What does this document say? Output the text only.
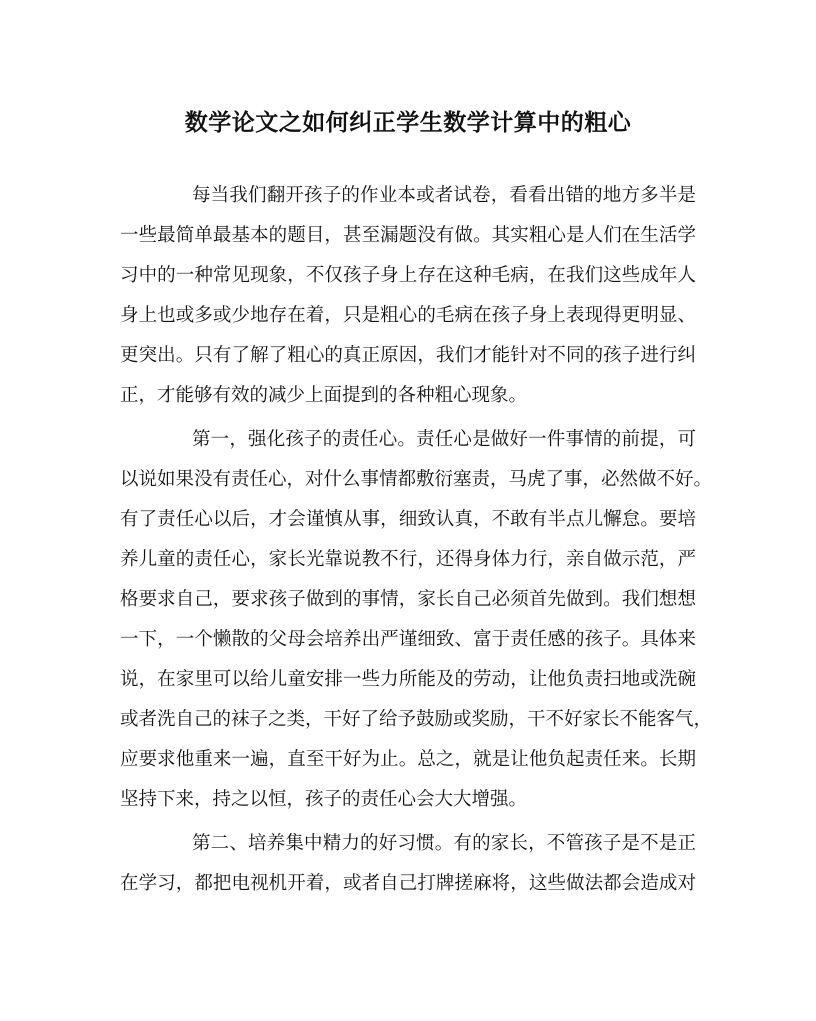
数学论文之如何纠正学生数学计算中的粗心

每当我们翻开孩子的作业本或者试卷，看看出错的地方多半是

一些最简单最基本的题目，甚至漏题没有做。其实粗心是人们在生活学

习中的一种常见现象，不仅孩子身上存在这种毛病，在我们这些成年人

身上也或多或少地存在着，只是粗心的毛病在孩子身上表现得更明显、

更突出。只有了解了粗心的真正原因，我们才能针对不同的孩子进行纠

正，才能够有效的减少上面提到的各种粗心现象。

第一，强化孩子的责任心。责任心是做好一件事情的前提，可

以说如果没有责任心，对什么事情都敷衍塞责，马虎了事，必然做不好。

有了责任心以后，才会谨慎从事，细致认真，不敢有半点儿懈怠。要培

养儿童的责任心，家长光靠说教不行，还得身体力行，亲自做示范，严

格要求自己，要求孩子做到的事情，家长自己必须首先做到。我们想想

一下，一个懒散的父母会培养出严谨细致、富于责任感的孩子。具体来

说，在家里可以给儿童安排一些力所能及的劳动，让他负责扫地或洗碗

或者洗自己的袜子之类，干好了给予鼓励或奖励，干不好家长不能客气，

应要求他重来一遍，直至干好为止。总之，就是让他负起责任来。长期

坚持下来，持之以恒，孩子的责任心会大大增强。

第二、培养集中精力的好习惯。有的家长，不管孩子是不是正

在学习，都把电视机开着，或者自己打牌搓麻将，这些做法都会造成对
